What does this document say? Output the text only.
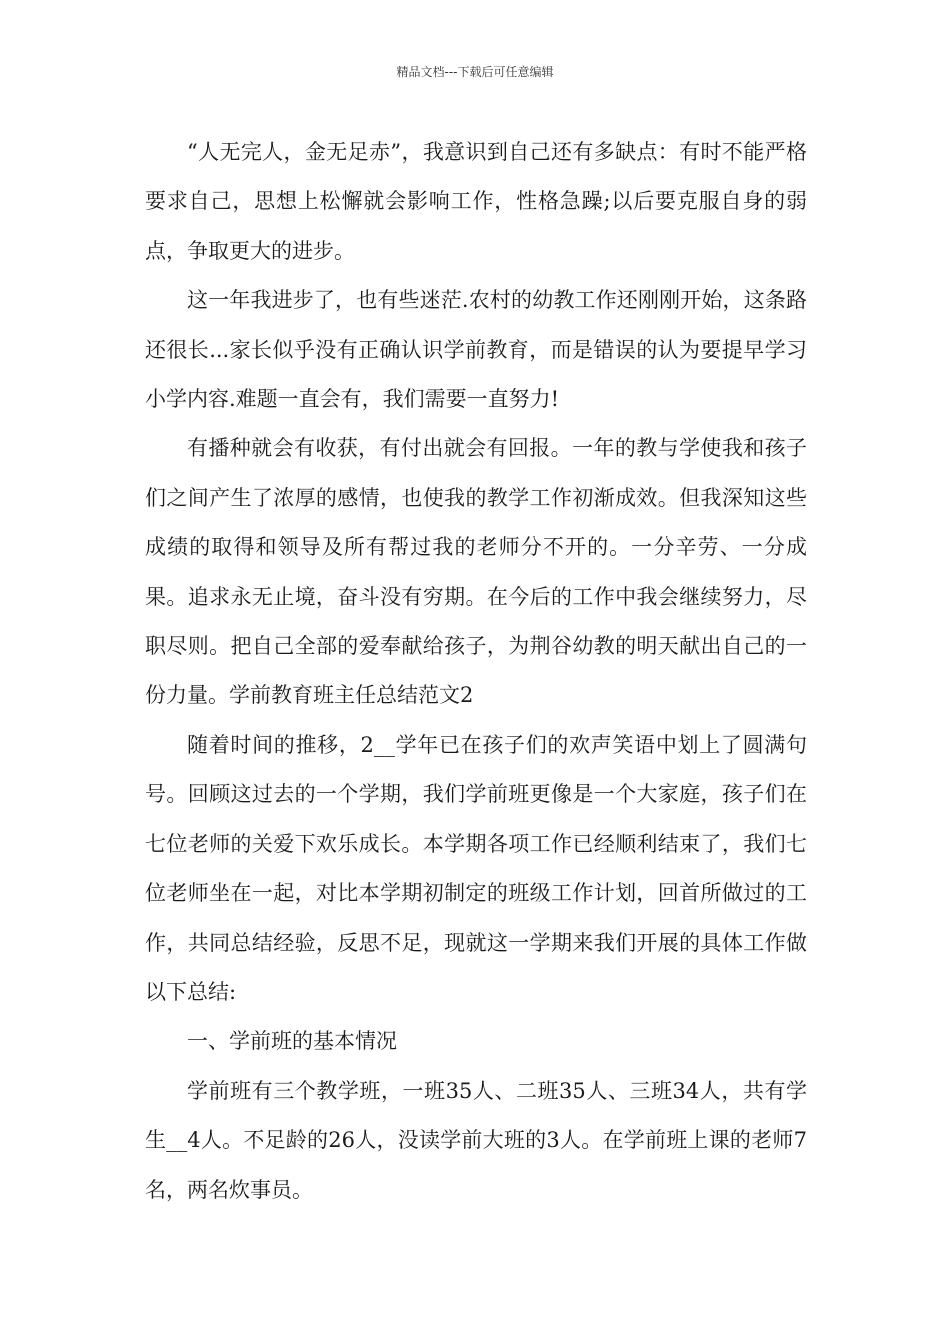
精品文档---下载后可任意编辑

“人无完人，金无足赤”，我意识到自己还有多缺点：有时不能严格要求自己，思想上松懈就会影响工作，性格急躁;以后要克服自身的弱点，争取更大的进步。

这一年我进步了，也有些迷茫.农村的幼教工作还刚刚开始，这条路还很长...家长似乎没有正确认识学前教育，而是错误的认为要提早学习小学内容.难题一直会有，我们需要一直努力!

有播种就会有收获，有付出就会有回报。一年的教与学使我和孩子们之间产生了浓厚的感情，也使我的教学工作初渐成效。但我深知这些成绩的取得和领导及所有帮过我的老师分不开的。一分辛劳、一分成果。追求永无止境，奋斗没有穷期。在今后的工作中我会继续努力，尽职尽则。把自己全部的爱奉献给孩子，为荆谷幼教的明天献出自己的一份力量。学前教育班主任总结范文2

随着时间的推移，2__学年已在孩子们的欢声笑语中划上了圆满句号。回顾这过去的一个学期，我们学前班更像是一个大家庭，孩子们在七位老师的关爱下欢乐成长。本学期各项工作已经顺利结束了，我们七位老师坐在一起，对比本学期初制定的班级工作计划，回首所做过的工作，共同总结经验，反思不足，现就这一学期来我们开展的具体工作做以下总结:

一、学前班的基本情况

学前班有三个教学班，一班35人、二班35人、三班34人，共有学生__4人。不足龄的26人，没读学前大班的3人。在学前班上课的老师7名，两名炊事员。
